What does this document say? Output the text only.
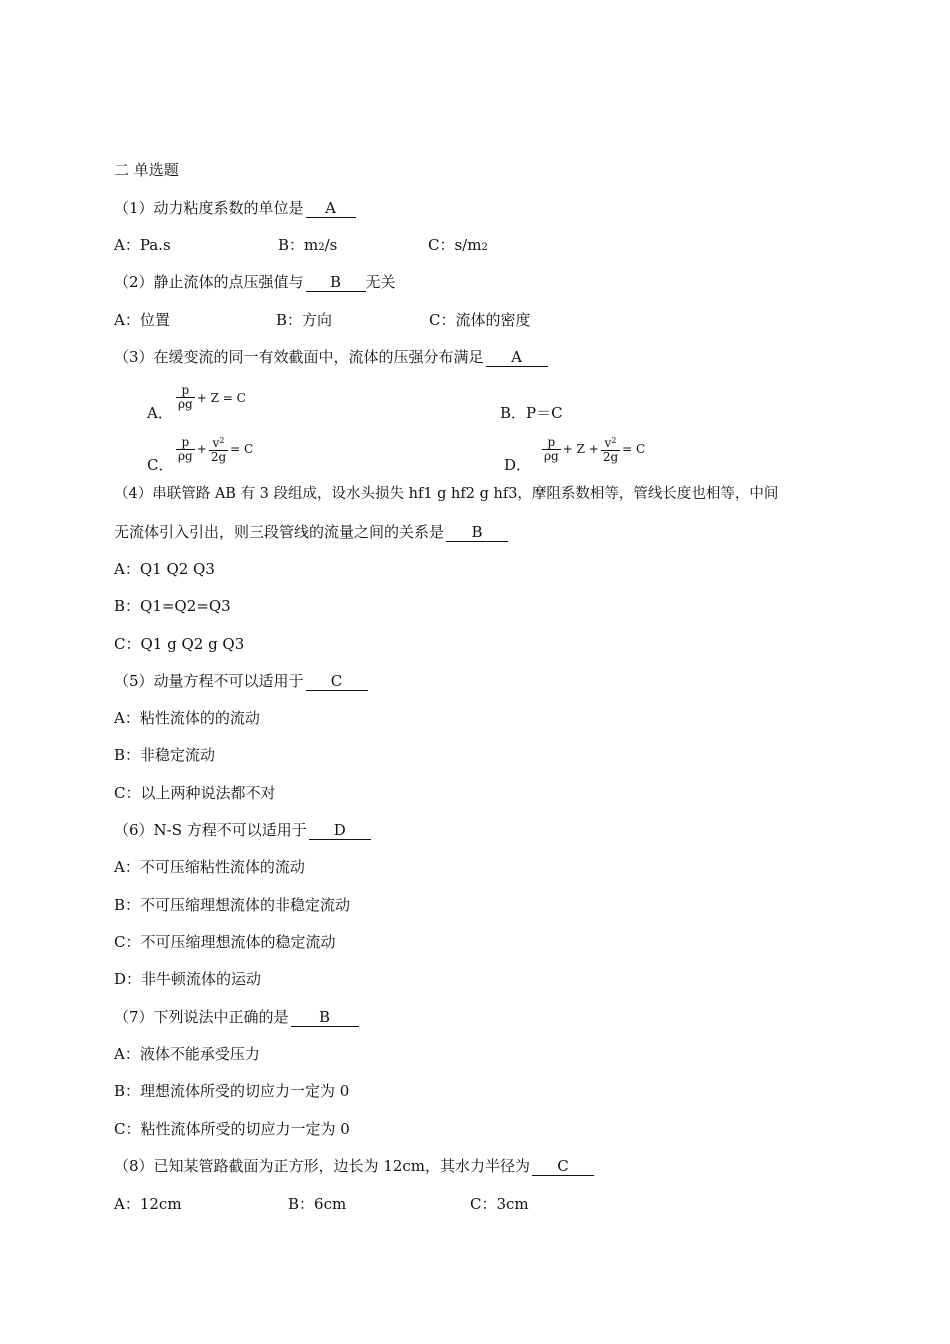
二 单选题
（1）动力粘度系数的单位是 A
A：Pa.s	B：m2/s	C：s/m2
（2）静止流体的点压强值与 B 无关
A：位置	B：方向	C：流体的密度
（3）在缓变流的同一有效截面中，流体的压强分布满足 A
A．
$\frac{p}{\rho g} + Z = C$
B．P＝C
C．
$\frac{p}{\rho g} + \frac{v^2}{2g} = C$
D．
$\frac{p}{\rho g} + Z + \frac{v^2}{2g} = C$
（4）串联管路 AB 有 3 段组成，设水头损失 hf1 g hf2 g hf3，摩阻系数相等，管线长度也相等，中间
无流体引入引出，则三段管线的流量之间的关系是 B
A：Q1 Q2 Q3
B：Q1=Q2=Q3
C：Q1 g Q2 g Q3
（5）动量方程不可以适用于 C
A：粘性流体的的流动
B：非稳定流动
C：以上两种说法都不对
（6）N-S 方程不可以适用于 D
A：不可压缩粘性流体的流动
B：不可压缩理想流体的非稳定流动
C：不可压缩理想流体的稳定流动
D：非牛顿流体的运动
（7）下列说法中正确的是 B
A：液体不能承受压力
B：理想流体所受的切应力一定为 0
C：粘性流体所受的切应力一定为 0
（8）已知某管路截面为正方形，边长为 12cm，其水力半径为 C
A：12cm	B：6cm	C：3cm
